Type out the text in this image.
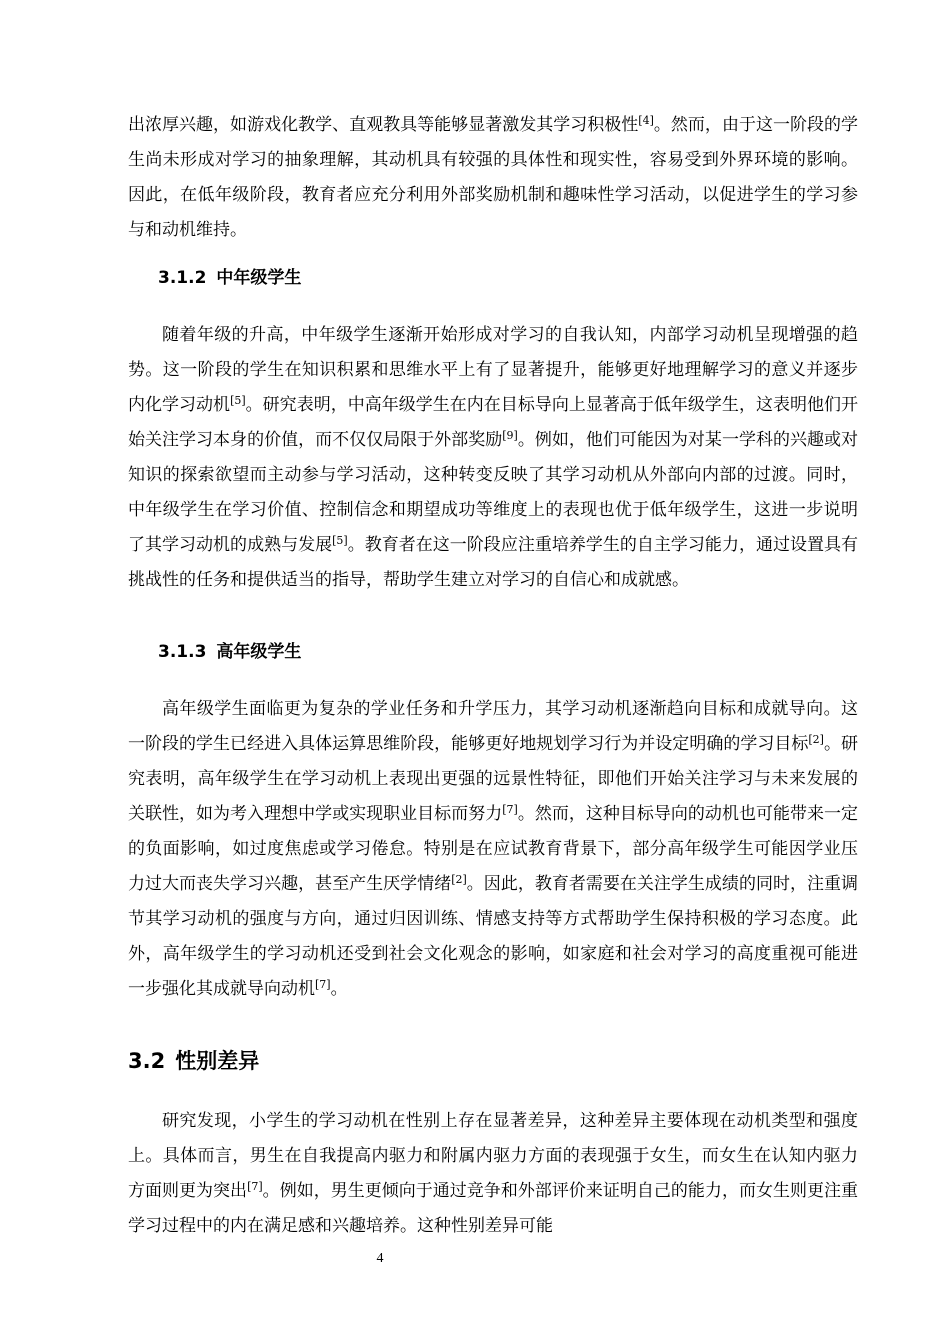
出浓厚兴趣，如游戏化教学、直观教具等能够显著激发其学习积极性[4]。然而，由于这一阶段的学生尚未形成对学习的抽象理解，其动机具有较强的具体性和现实性，容易受到外界环境的影响。因此，在低年级阶段，教育者应充分利用外部奖励机制和趣味性学习活动，以促进学生的学习参与和动机维持。

3.1.2 中年级学生

随着年级的升高，中年级学生逐渐开始形成对学习的自我认知，内部学习动机呈现增强的趋势。这一阶段的学生在知识积累和思维水平上有了显著提升，能够更好地理解学习的意义并逐步内化学习动机[5]。研究表明，中高年级学生在内在目标导向上显著高于低年级学生，这表明他们开始关注学习本身的价值，而不仅仅局限于外部奖励[9]。例如，他们可能因为对某一学科的兴趣或对知识的探索欲望而主动参与学习活动，这种转变反映了其学习动机从外部向内部的过渡。同时，中年级学生在学习价值、控制信念和期望成功等维度上的表现也优于低年级学生，这进一步说明了其学习动机的成熟与发展[5]。教育者在这一阶段应注重培养学生的自主学习能力，通过设置具有挑战性的任务和提供适当的指导，帮助学生建立对学习的自信心和成就感。

3.1.3 高年级学生

高年级学生面临更为复杂的学业任务和升学压力，其学习动机逐渐趋向目标和成就导向。这一阶段的学生已经进入具体运算思维阶段，能够更好地规划学习行为并设定明确的学习目标[2]。研究表明，高年级学生在学习动机上表现出更强的远景性特征，即他们开始关注学习与未来发展的关联性，如为考入理想中学或实现职业目标而努力[7]。然而，这种目标导向的动机也可能带来一定的负面影响，如过度焦虑或学习倦怠。特别是在应试教育背景下，部分高年级学生可能因学业压力过大而丧失学习兴趣，甚至产生厌学情绪[2]。因此，教育者需要在关注学生成绩的同时，注重调节其学习动机的强度与方向，通过归因训练、情感支持等方式帮助学生保持积极的学习态度。此外，高年级学生的学习动机还受到社会文化观念的影响，如家庭和社会对学习的高度重视可能进一步强化其成就导向动机[7]。

3.2 性别差异

研究发现，小学生的学习动机在性别上存在显著差异，这种差异主要体现在动机类型和强度上。具体而言，男生在自我提高内驱力和附属内驱力方面的表现强于女生，而女生在认知内驱力方面则更为突出[7]。例如，男生更倾向于通过竞争和外部评价来证明自己的能力，而女生则更注重学习过程中的内在满足感和兴趣培养。这种性别差异可能

4
